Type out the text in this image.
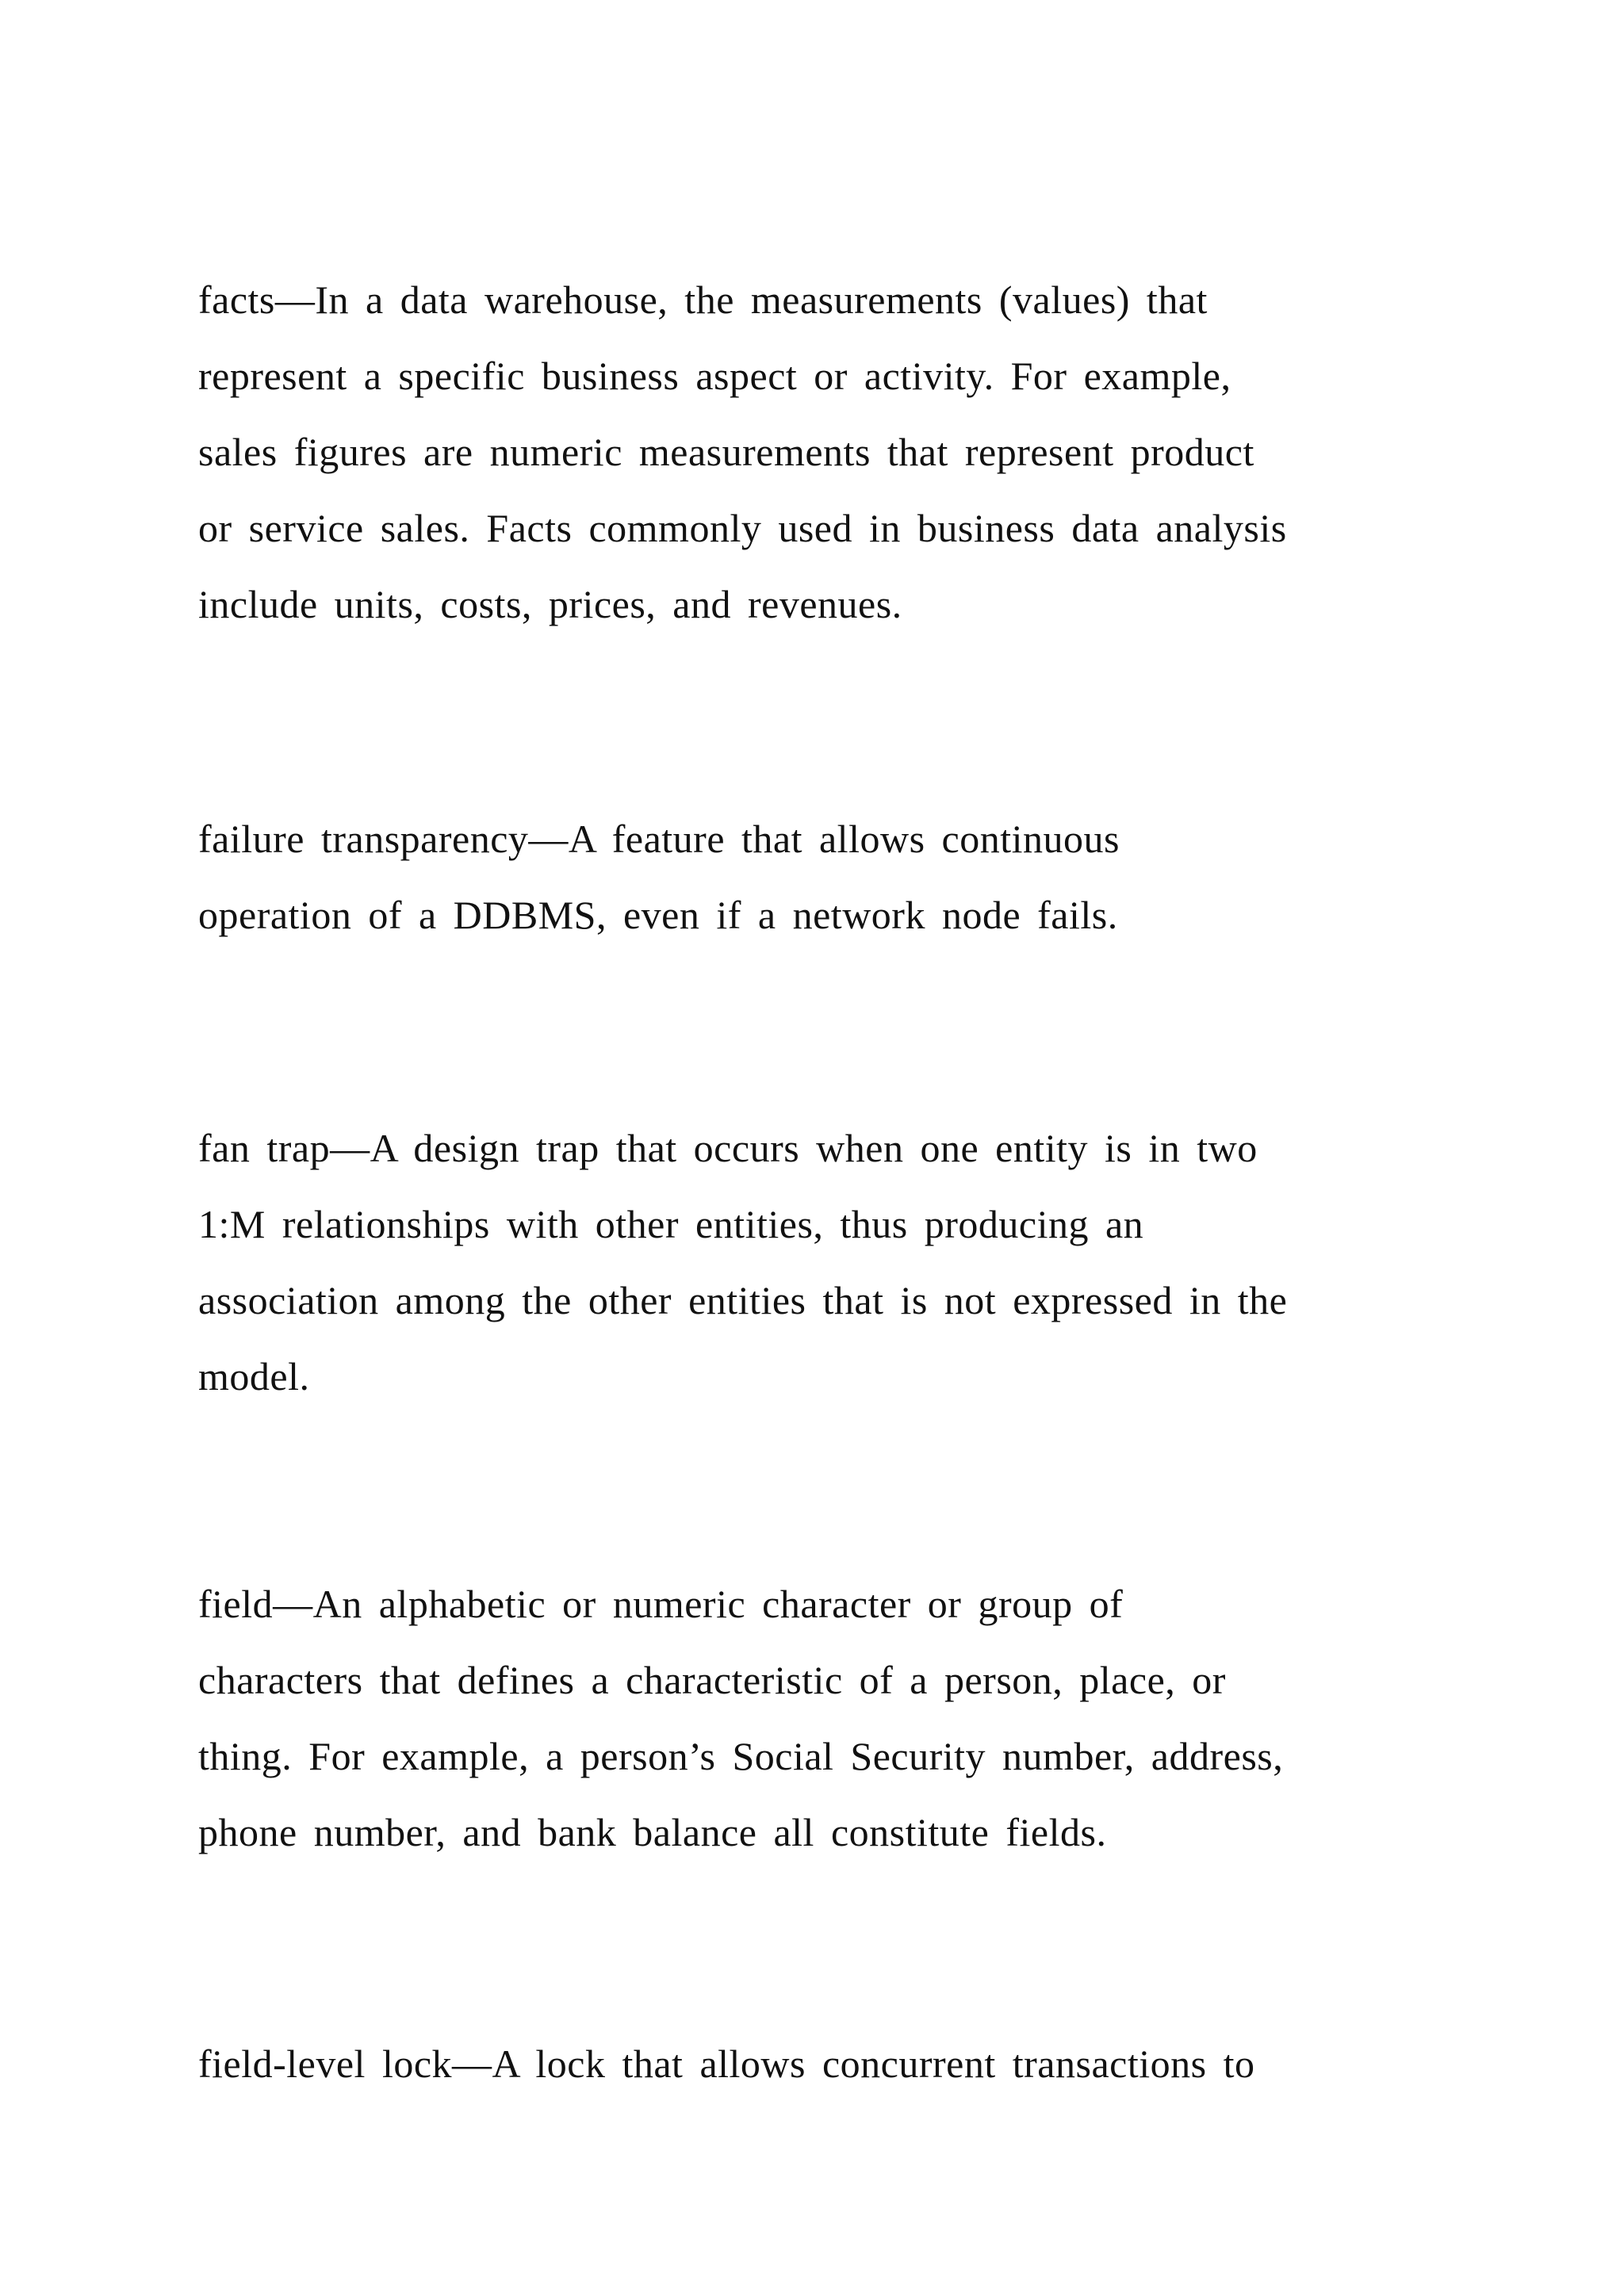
facts—In a data warehouse, the measurements (values) that
represent a specific business aspect or activity. For example,
sales figures are numeric measurements that represent product
or service sales. Facts commonly used in business data analysis
include units, costs, prices, and revenues.

failure transparency—A feature that allows continuous
operation of a DDBMS, even if a network node fails.

fan trap—A design trap that occurs when one entity is in two
1:M relationships with other entities, thus producing an
association among the other entities that is not expressed in the
model.

field—An alphabetic or numeric character or group of
characters that defines a characteristic of a person, place, or
thing. For example, a person’s Social Security number, address,
phone number, and bank balance all constitute fields.

field-level lock—A lock that allows concurrent transactions to
